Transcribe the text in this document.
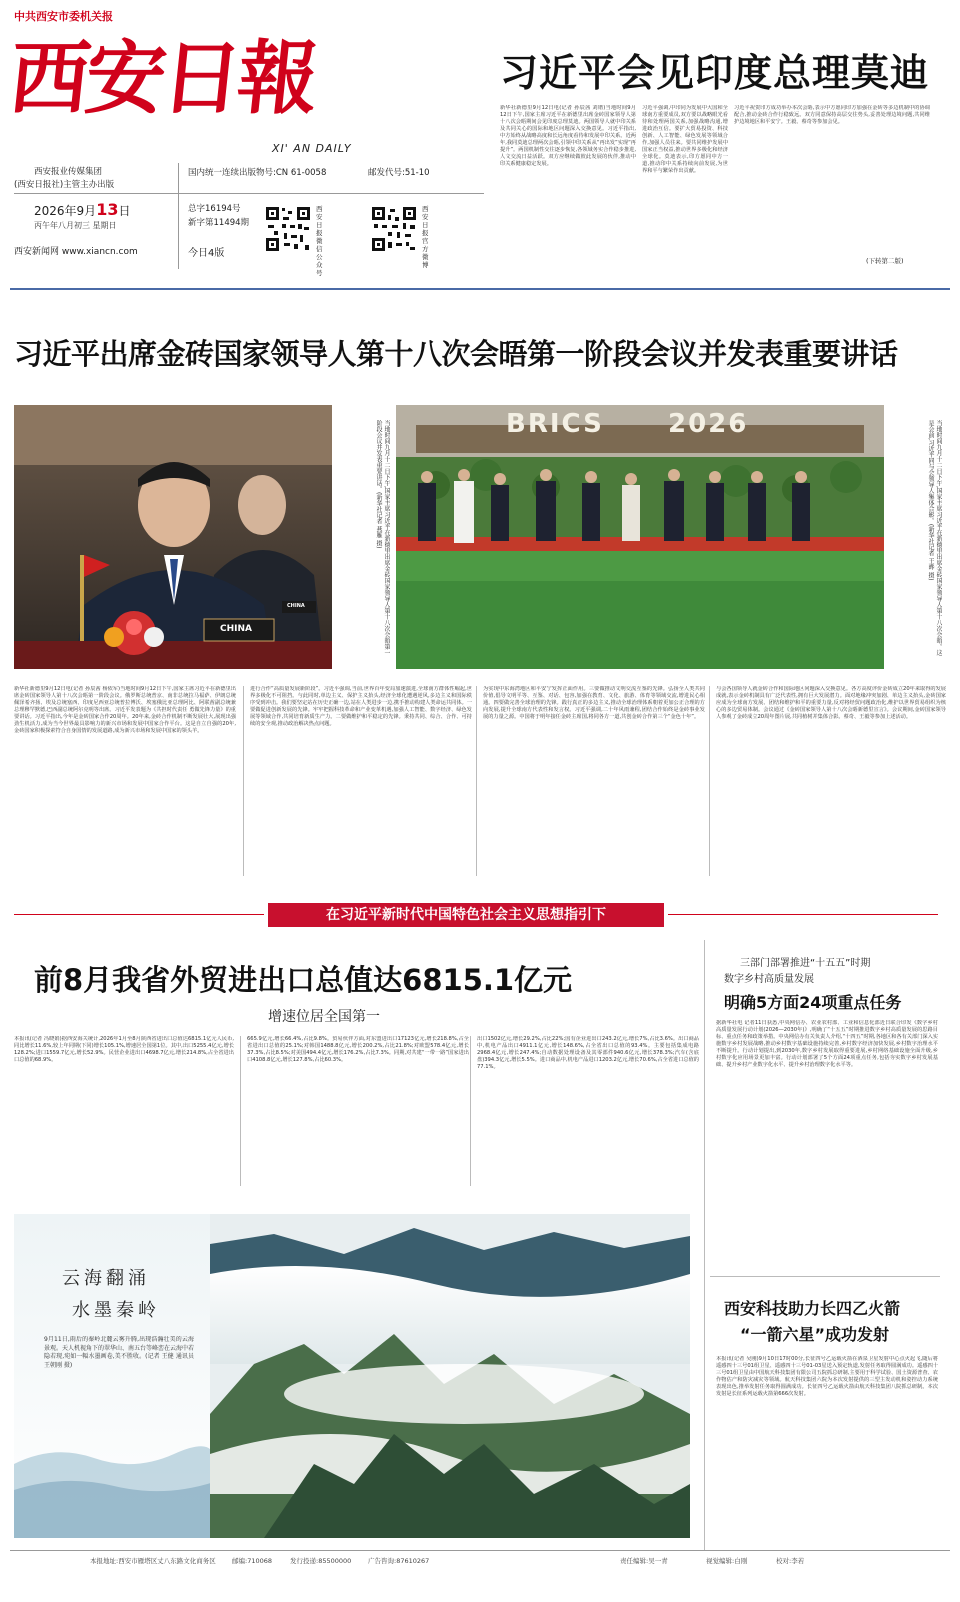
中共西安市委机关报
西安日報
XI' AN DAILY
西安报业传媒集团
(西安日报社)主管主办出版
国内统一连续出版物号:CN 61-0058	邮发代号:51-10
2026年9月13日
丙午年八月初三 星期日
西安新闻网 www.xiancn.com
总字16194号
新字第11494期
今日4版
西安日报微信公众号
西安日报官方微博
习近平会见印度总理莫迪
新华社新德里9月12日电(记者 孙辰茜 刘锴)当地时间9月12日下午,国家主席习近平在新德里出席金砖国家领导人第十八次会晤期间会见印度总理莫迪。两国领导人就中印关系及共同关心的国际和地区问题深入交换意见。习近平指出,中方始终从战略高度和长远角度看待和发展中印关系。近两年,我同莫迪总理两次会晤,引领中印关系从“再出发”实现“再提升”。两国机制性交往逐步恢复,各领域务实合作稳步推进,人文交流日益活跃。双方应继续做彼此发展的伙伴,推动中印关系健康稳定发展。
习近平强调,中印同为发展中大国和全球南方重要成员,双方要以战略眼光看待和处理两国关系,加强战略沟通,增进政治互信。要扩大贸易投资、科技创新、人工智能、绿色发展等领域合作,加强人员往来。要共同维护发展中国家正当权益,推动世界多极化和经济全球化。莫迪表示,印方愿同中方一道,推动印中关系持续向前发展,为世界和平与繁荣作出贡献。
习近平祝贺印方成功举办本次会晤,表示中方愿同印方加强在金砖等多边机制中的协调配合,推动金砖合作行稳致远。双方同意保持高层交往势头,妥善处理边境问题,共同维护边境地区和平安宁。王毅、蔡奇等参加会见。
(下转第二版)
习近平出席金砖国家领导人第十八次会晤第一阶段会议并发表重要讲话
CHINA
CHINA	当地时间九月十二日下午,国家主席习近平在新德里出席金砖国家领导人第十八次会晤第一阶段会议并发表重要讲话。(新华社记者 燕雁 摄)	BRICS 2026	当地时间九月十二日下午,国家主席习近平在新德里出席金砖国家领导人第十八次会晤。这是会前,习近平同与会领导人集体合影。(新华社记者 王晔 摄)
新华社新德里9月12日电(记者 孙辰茜 杨依军)当地时间9月12日下午,国家主席习近平在新德里出席金砖国家领导人第十八次会晤第一阶段会议。俄罗斯总统普京、南非总统拉马福萨、伊朗总统佩泽希齐扬、埃及总统塞西、印度尼西亚总统普拉博沃、埃塞俄比亚总理阿比、阿联酋副总统兼总理穆罕默德,巴西副总统阿尔克明等出席。习近平发表题为《共担时代责任 勇做先锋力量》的重要讲话。习近平指出,今年是金砖国家合作20周年。20年来,金砖合作机制不断发展壮大,展现出强劲生机活力,成为当今世界最具影响力的新兴市场和发展中国家合作平台。这是自立自强的20年,金砖国家积极探索符合自身国情的发展道路,成为新兴市场和发展中国家的领头羊。
进行合作“高质量发展新阶段”。习近平强调,当前,世界百年变局加速演进,全球南方群体性崛起,世界多极化不可阻挡。与此同时,单边主义、保护主义抬头,经济全球化遭遇逆风,多边主义和国际秩序受到冲击。我们要坚定站在历史正确一边,站在人类进步一边,携手推动构建人类命运共同体。一要做促进创新发展的先锋。牢牢把握科技革命和产业变革机遇,加强人工智能、数字经济、绿色发展等领域合作,共同培育新质生产力。二要做维护和平稳定的先锋。秉持共同、综合、合作、可持续的安全观,推动政治解决热点问题。
为实现中东海湾地区和平安宁发挥正面作用。三要做推动文明交流互鉴的先锋。弘扬全人类共同价值,倡导文明平等、互鉴、对话、包容,加强在教育、文化、旅游、体育等领域交流,增进民心相通。四要做完善全球治理的先锋。践行真正的多边主义,推动全球治理体系朝着更加公正合理的方向发展,提升全球南方代表性和发言权。习近平强调,二十年风雨兼程,团结合作始终是金砖事业发展的力量之源。中国将于明年接任金砖主席国,将同各方一道,共创金砖合作第三个“金色十年”。
与会各国领导人就金砖合作和国际地区问题深入交换意见。各方高度评价金砖成立20年来取得的发展成就,表示金砖机制具有广泛代表性,拥有巨大发展潜力。面对地缘冲突加剧、单边主义抬头,金砖国家应成为全球南方发展、团结和维护和平的重要力量,反对将经贸问题政治化,维护以世界贸易组织为核心的多边贸易体制。会议通过《金砖国家领导人第十八次会晤新德里宣言》。会议期间,金砖国家领导人参观了金砖成立20周年图片展,共同植树并集体合影。蔡奇、王毅等参加上述活动。
在习近平新时代中国特色社会主义思想指引下
前8月我省外贸进出口总值达6815.1亿元
增速位居全国第一
本报讯(记者 冯晓娟)据西安海关统计,2026年1月至8月陕西省进出口总值达6815.1亿元人民币,同比增长11.6%,较上年同期(下同)增长105.1%,增速居全国第1位。其中,出口5255.4亿元,增长128.2%;进口1559.7亿元,增长52.9%。民营企业进出口4698.7亿元,增长214.8%,占全省进出口总值的68.9%。
665.9亿元,增长66.4%,占比9.8%。贸易伙伴方面,对东盟进出口17123亿元,增长218.8%,占全省进出口总值的25.1%;对韩国1488.8亿元,增长200.2%,占比21.8%;对欧盟578.4亿元,增长37.3%,占比8.5%;对美国494.4亿元,增长176.2%,占比7.3%。同期,对共建“一带一路”国家进出口4108.8亿元,增长127.8%,占比60.3%。
出口1502亿元,增长29.2%,占比22%;国有企业进出口243.2亿元,增长7%,占比3.6%。出口商品中,机电产品出口4911.1亿元,增长148.6%,占全省出口总值的93.4%。主要包括集成电路2968.4亿元,增长247.4%;自动数据处理设备及其零部件940.6亿元,增长378.3%;汽车(含底盘)394.3亿元,增长5.5%。进口商品中,机电产品进口1203.2亿元,增长70.6%,占全省进口总值的77.1%。
三部门部署推进“十五五”时期
数字乡村高质量发展
明确5方面24项重点任务
据新华社电 记者11日获悉,中央网信办、农业农村部、工业和信息化部近日联合印发《数字乡村高质量发展行动计划(2026—2030年)》,明确了“十五五”时期推进数字乡村高质量发展的思路目标、重点任务和政策举措。中央网信办有关负责人介绍,“十四五”时期,各地区和各有关部门深入实施数字乡村发展战略,推动乡村数字基础设施持续完善,乡村数字经济加快发展,乡村数字治理水平不断提升。行动计划提出,到2030年,数字乡村发展取得重要进展,乡村网络基础设施全面升级,乡村数字化应用场景更加丰富。行动计划部署了5个方面24项重点任务,包括夯实数字乡村发展基础、提升乡村产业数字化水平、提升乡村治理数字化水平等。
云海翻涌
水墨秦岭
9月11日,雨后的秦岭北麓云雾升腾,出现浩瀚壮美的云海景观。天人机视角下的翠华山、南五台等峰峦在云海中若隐若现,宛如一幅水墨画卷,美不胜收。(记者 王健 通讯员 王朝刚 摄)
西安科技助力长四乙火箭
“一箭六星”成功发射
本报讯(记者 吴刚)9月10日17时00分,长征四号乙运载火箭在酒泉卫星发射中心点火起飞,随后将遥感四十三号01组卫星、遥感四十三号01-03星送入预定轨道,发射任务取得圆满成功。遥感四十三号01组卫星由中国航天科技集团有限公司五院抓总研制,主要用于科学试验、国土资源普查、农作物估产和防灾减灾等领域。航天科技集团六院为本次发射提供的三型主发动机和姿控动力系统表现出色,推举发射任务取得圆满成功。长征四号乙运载火箭由航天科技集团八院抓总研制。本次发射是长征系列运载火箭第666次发射。
本报地址:西安市雁塔区丈八东路文化商务区	邮编:710068	发行投递:85500000	广告咨询:87610267	责任编辑:吴一青	视觉编辑:白刚	校对:李若
